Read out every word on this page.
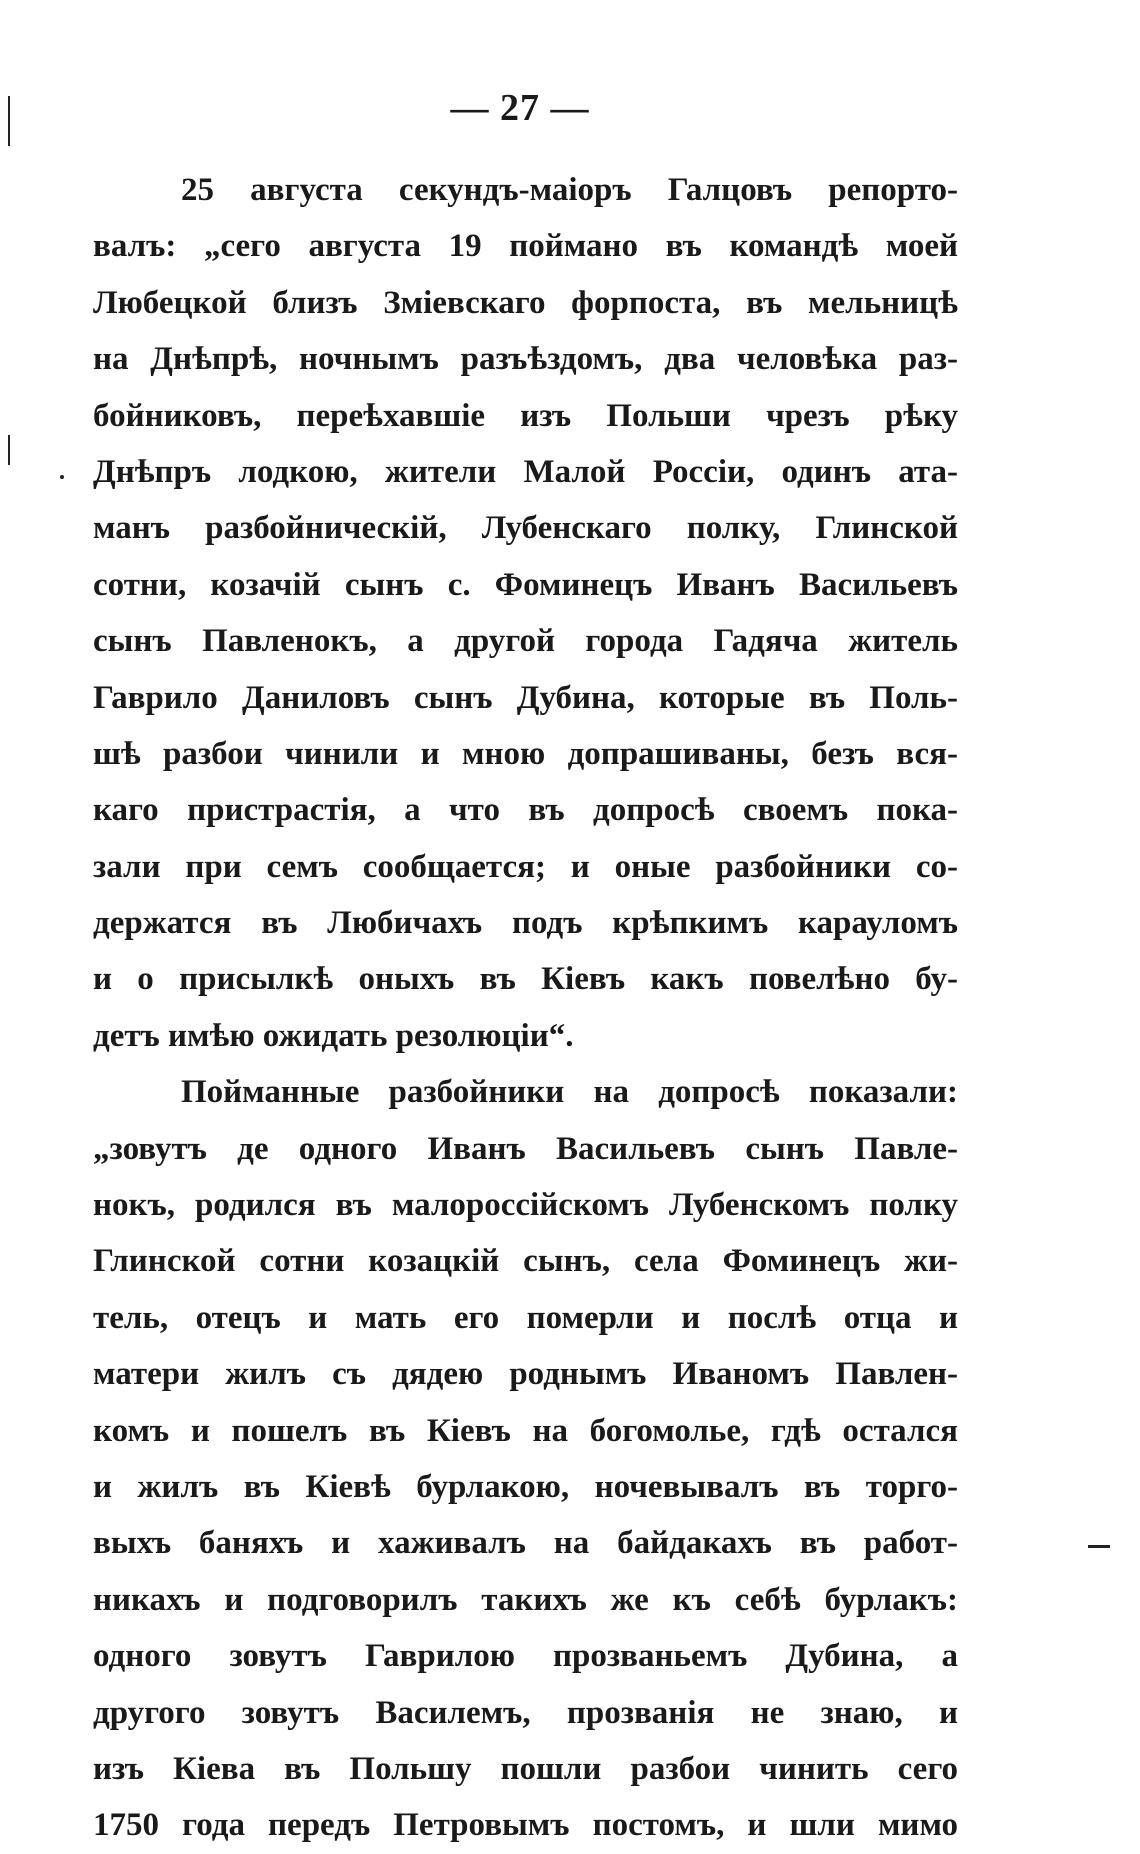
— 27 —
25 августа секундъ-маіоръ Галцовъ репорто-
валъ: „сего августа 19 поймано въ командѣ моей
Любецкой близъ Зміевскаго форпоста, въ мельницѣ
на Днѣпрѣ, ночнымъ разъѣздомъ, два человѣка раз-
бойниковъ, переѣхавшіе изъ Польши чрезъ рѣку
Днѣпръ лодкою, жители Малой Россіи, одинъ ата-
манъ разбойническій, Лубенскаго полку, Глинской
сотни, козачій сынъ с. Фоминецъ Иванъ Васильевъ
сынъ Павленокъ, а другой города Гадяча житель
Гаврило Даниловъ сынъ Дубина, которые въ Поль-
шѣ разбои чинили и мною допрашиваны, безъ вся-
каго пристрастія, а что въ допросѣ своемъ пока-
зали при семъ сообщается; и оные разбойники со-
держатся въ Любичахъ подъ крѣпкимъ карауломъ
и о присылкѣ оныхъ въ Кіевъ какъ повелѣно бу-
детъ имѣю ожидать резолюціи“.
Пойманные разбойники на допросѣ показали:
„зовутъ де одного Иванъ Васильевъ сынъ Павле-
нокъ, родился въ малороссійскомъ Лубенскомъ полку
Глинской сотни козацкій сынъ, села Фоминецъ жи-
тель, отецъ и мать его померли и послѣ отца и
матери жилъ съ дядею роднымъ Иваномъ Павлен-
комъ и пошелъ въ Кіевъ на богомолье, гдѣ остался
и жилъ въ Кіевѣ бурлакою, ночевывалъ въ торго-
выхъ баняхъ и хаживалъ на байдакахъ въ работ-
никахъ и подговорилъ такихъ же къ себѣ бурлакъ:
одного зовутъ Гаврилою прозваньемъ Дубина, а
другого зовутъ Василемъ, прозванія не знаю, и
изъ Кіева въ Польшу пошли разбои чинить сего
1750 года передъ Петровымъ постомъ, и шли мимо
